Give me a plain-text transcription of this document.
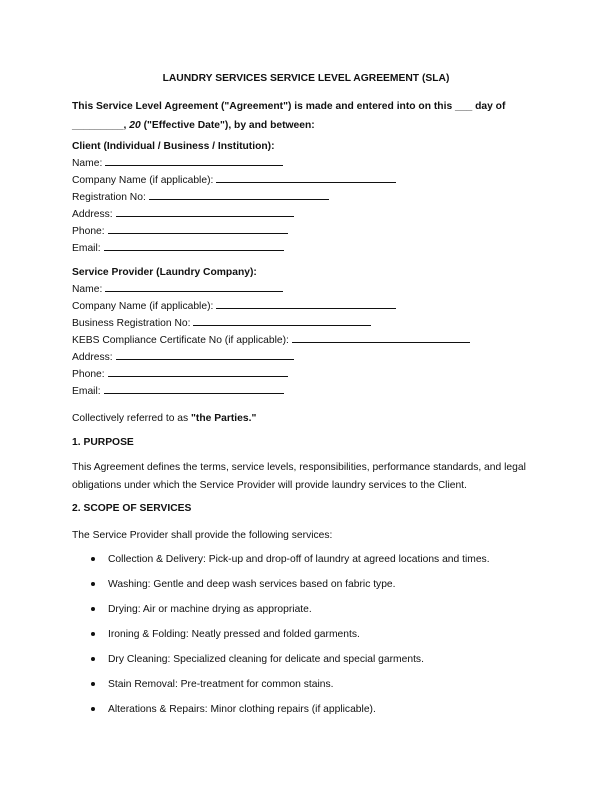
LAUNDRY SERVICES SERVICE LEVEL AGREEMENT (SLA)
This Service Level Agreement ("Agreement") is made and entered into on this ___ day of
_________, 20 ("Effective Date"), by and between:
Client (Individual / Business / Institution):
Name:
Company Name (if applicable):
Registration No:
Address:
Phone:
Email:
Service Provider (Laundry Company):
Name:
Company Name (if applicable):
Business Registration No:
KEBS Compliance Certificate No (if applicable):
Address:
Phone:
Email:
Collectively referred to as "the Parties."
1. PURPOSE
This Agreement defines the terms, service levels, responsibilities, performance standards, and legal obligations under which the Service Provider will provide laundry services to the Client.
2. SCOPE OF SERVICES
The Service Provider shall provide the following services:
Collection & Delivery: Pick-up and drop-off of laundry at agreed locations and times.
Washing: Gentle and deep wash services based on fabric type.
Drying: Air or machine drying as appropriate.
Ironing & Folding: Neatly pressed and folded garments.
Dry Cleaning: Specialized cleaning for delicate and special garments.
Stain Removal: Pre-treatment for common stains.
Alterations & Repairs: Minor clothing repairs (if applicable).
